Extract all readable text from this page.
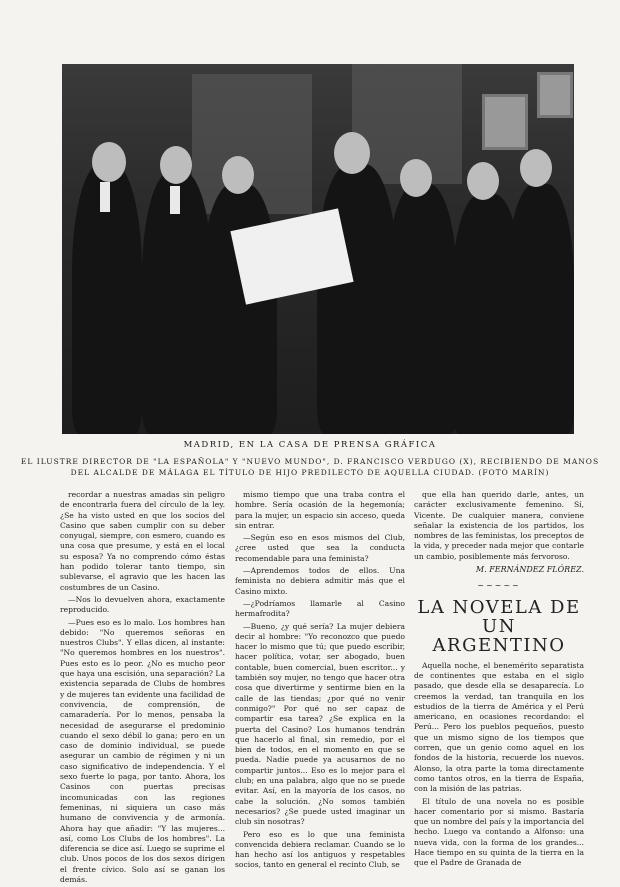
MADRID, EN LA CASA DE PRENSA GRÁFICA
EL ILUSTRE DIRECTOR DE "LA ESPAÑOLA" Y "NUEVO MUNDO", D. FRANCISCO VERDUGO (X), RECIBIENDO DE MANOS DEL ALCALDE DE MÁLAGA EL TÍTULO DE HIJO PREDILECTO DE AQUELLA CIUDAD. (FOTO MARÍN)

recordar a nuestras amadas sin peligro de encontrarla fuera del círculo de la ley. ¿Se ha visto usted en que los socios del Casino que saben cumplir con su deber conyugal, siempre, con esmero, cuando es una cosa que presume, y está en el local su esposa? Ya no comprendo cómo éstas han podido tolerar tanto tiempo, sin sublevarse, el agravio que les hacen las costumbres de un Casino.

—Nos lo devuelven ahora, exactamente reproducido.

—Pues eso es lo malo. Los hombres han debido: "No queremos señoras en nuestros Clubs". Y ellas dicen, al instante: "No queremos hombres en los nuestros". Pues esto es lo peor. ¿No es mucho peor que haya una escisión, una separación? La existencia separada de Clubs de hombres y de mujeres tan evidente una facilidad de convivencia, de comprensión, de camaradería. Por lo menos, pensaba la necesidad de asegurarse el predominio cuando el sexo débil lo gana; pero en un caso de dominio individual, se puede asegurar un cambio de régimen y ni un caso significativo de independencia. Y el sexo fuerte lo paga, por tanto. Ahora, los Casinos con puertas precisas incomunicadas con las regiones femeninas, ni siquiera un caso más humano de convivencia y de armonía. Ahora hay que añadir: "Y las mujeres... así, como Los Clubs de los hombres". La diferencia se dice así. Luego se suprime el club. Unos pocos de los dos sexos dirigen el frente cívico. Solo así se ganan los demás.

mismo tiempo que una traba contra el hombre. Sería ocasión de la hegemonía; para la mujer, un espacio sin acceso, queda sin entrar.

—Según eso en esos mismos del Club, ¿cree usted que sea la conducta recomendable para una feminista?

—Aprendemos todos de ellos. Una feminista no debiera admitir más que el Casino mixto.

—¿Podríamos llamarle al Casino hermafrodita?

—Bueno, ¿y qué sería? La mujer debiera decir al hombre: "Yo reconozco que puedo hacer lo mismo que tú; que puedo escribir, hacer política, votar, ser abogado, buen contable, buen comercial, buen escritor... y también soy mujer, no tengo que hacer otra cosa que divertirme y sentirme bien en la calle de las tiendas; ¿por qué no venir conmigo?" Por qué no ser capaz de compartir esa tarea? ¿Se explica en la puerta del Casino? Los humanos tendrán que hacerlo al final, sin remedio, por el bien de todos, en el momento en que se pueda. Nadie puede ya acusarnos de no compartir juntos... Eso es lo mejor para el club; en una palabra, algo que no se puede evitar. Así, en la mayoría de los casos, no cabe la solución. ¿No somos también necesarios? ¿Se puede usted imaginar un club sin nosotras?

Pero eso es lo que una feminista convencida debiera reclamar. Cuando se lo han hecho así los antiguos y respetables socios, tanto en general el recinto Club, se

que ella han querido darle, antes, un carácter exclusivamente femenino. Sí, Vicente. De cualquier manera, conviene señalar la existencia de los partidos, los nombres de las feministas, los preceptos de la vida, y preceder nada mejor que contarle un cambio, posiblemente más fervoroso.

M. FERNÁNDEZ FLÓREZ.
~~~~~
LA NOVELA DE UN ARGENTINO

Aquella noche, el benemérito separatista de continentes que estaba en el siglo pasado, que desde ella se desaparecía. Lo creemos la verdad, tan tranquila en los estudios de la tierra de América y el Perú americano, en ocasiones recordando: el Perú... Pero los pueblos pequeños, puesto que un mismo signo de los tiempos que corren, que un genio como aquel en los fondos de la historia, recuerde los nuevos. Alonso, la otra parte la toma directamente como tantos otros, en la tierra de España, con la misión de las patrias.

El título de una novela no es posible hacer comentario por si mismo. Bastaría que un nombre del país y la importancia del hecho. Luego va contando a Alfonso: una nueva vida, con la forma de los grandes... Hace tiempo en su quinta de la tierra en la que el Padre de Granada de
